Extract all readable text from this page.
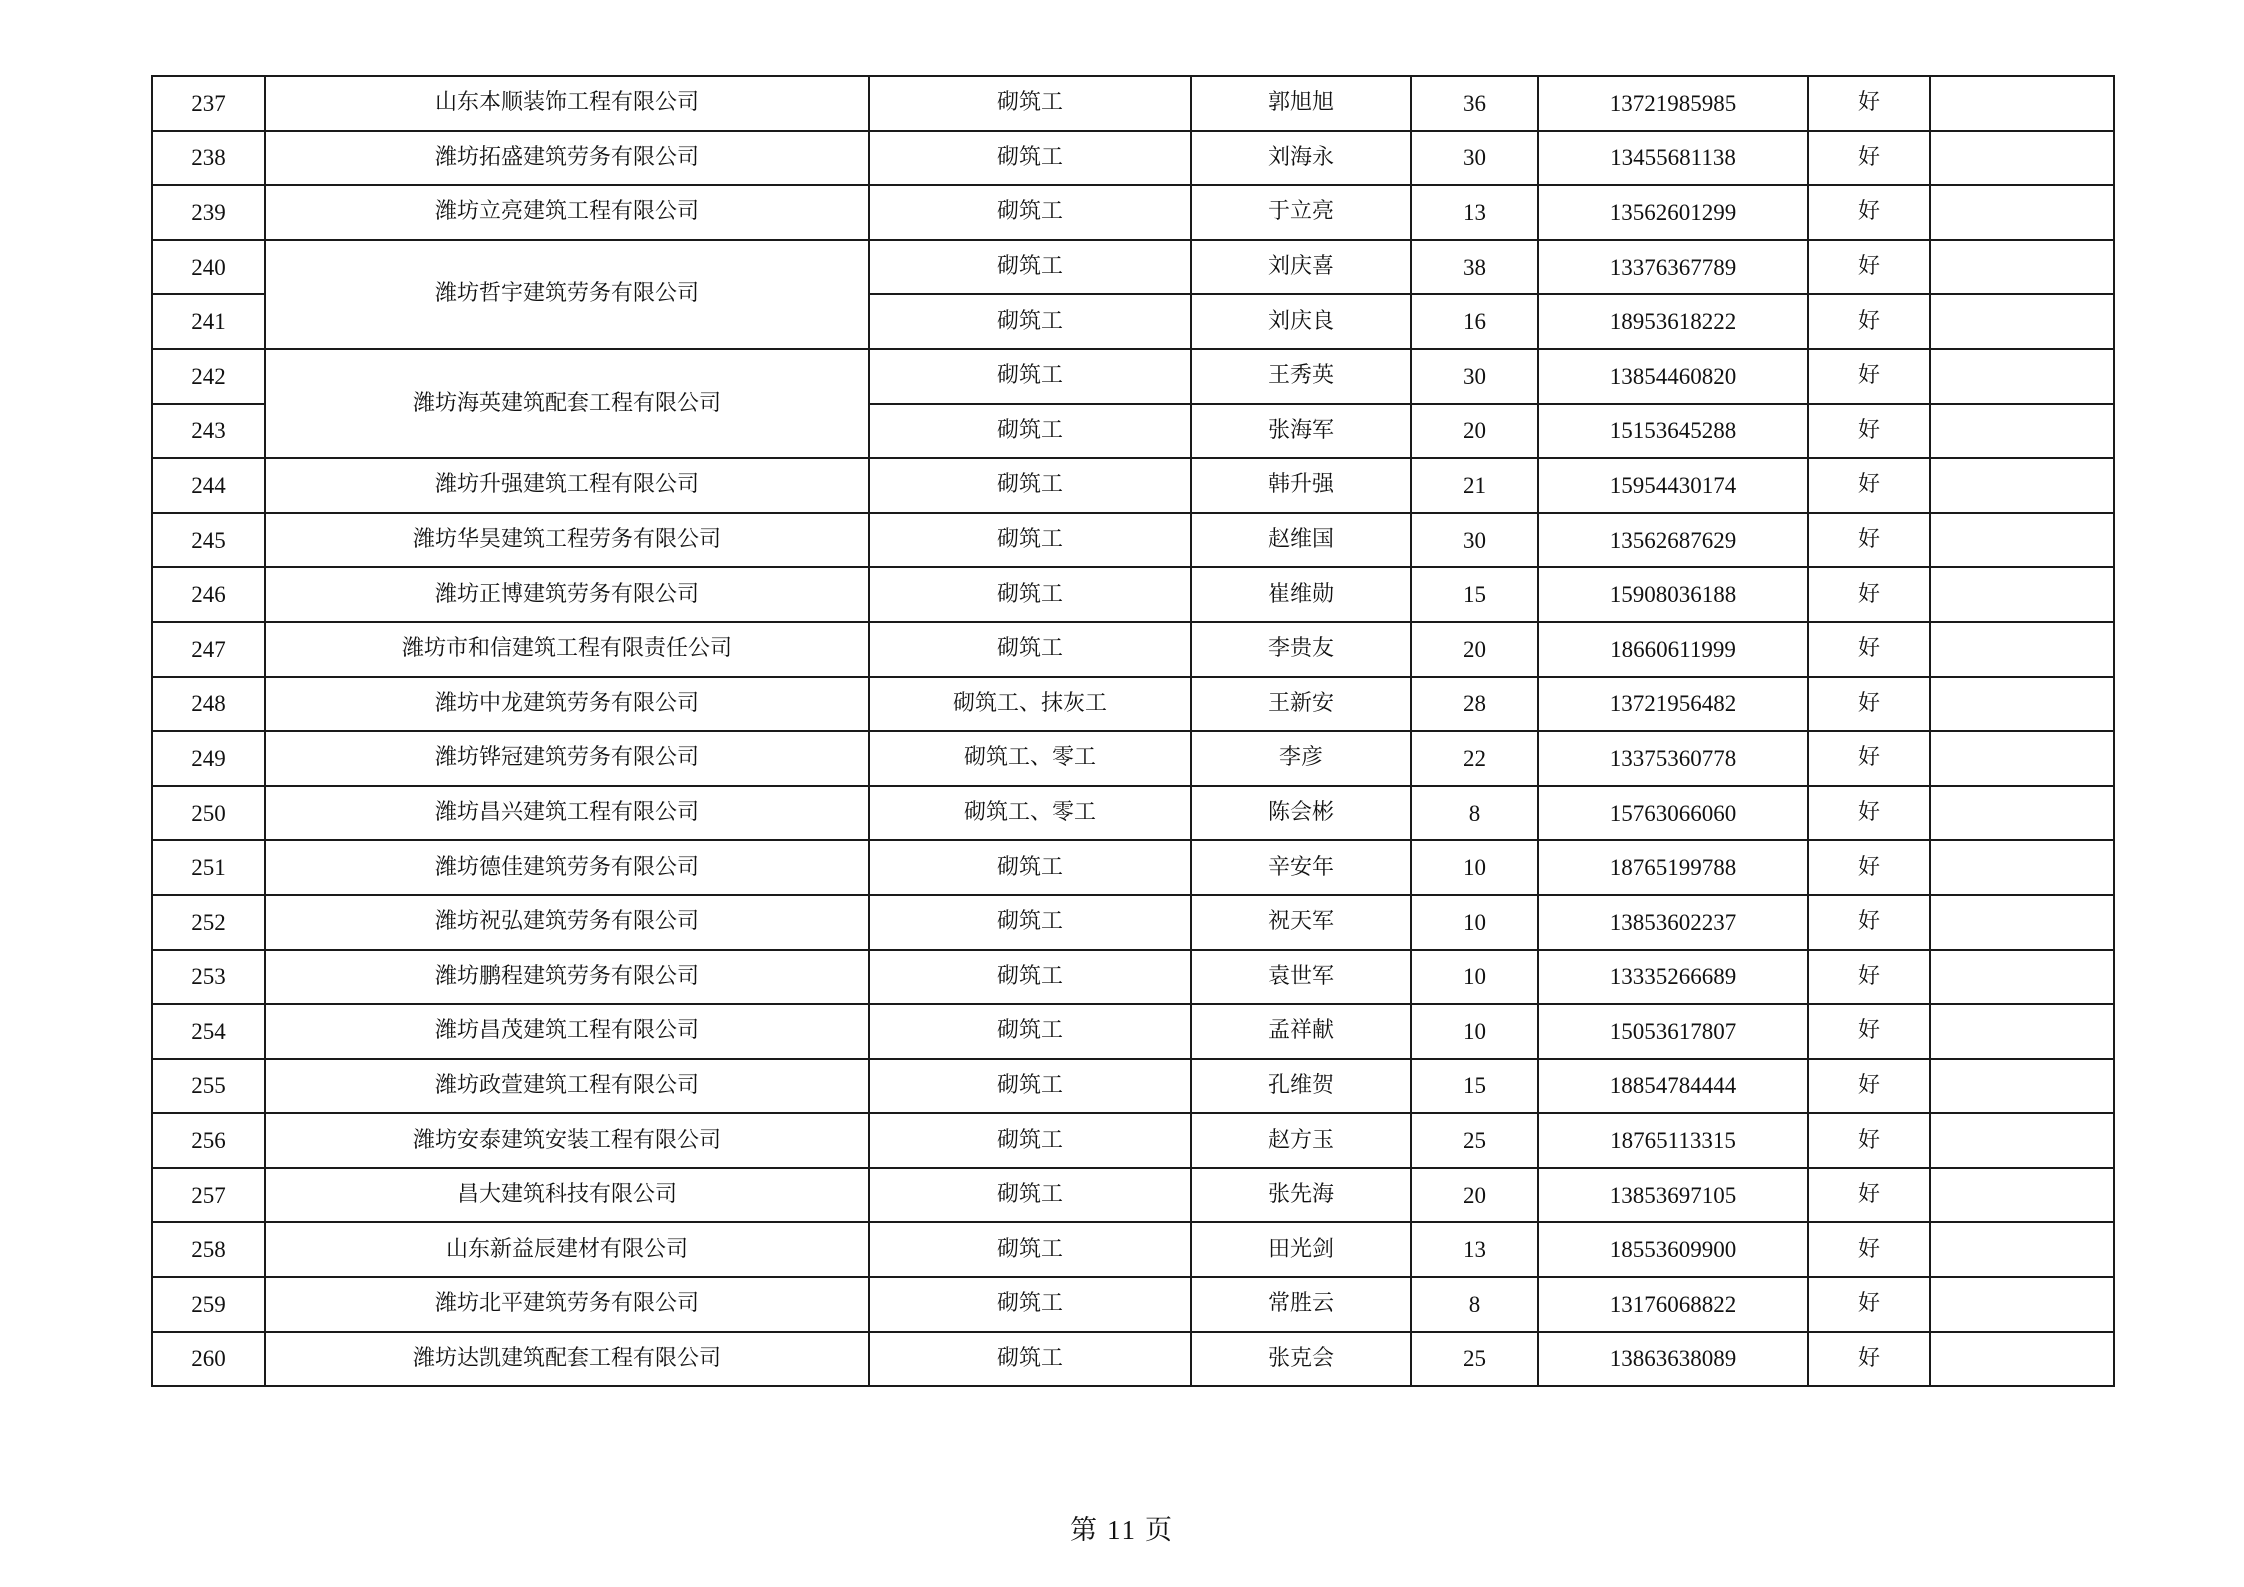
237	山东本顺装饰工程有限公司	砌筑工	郭旭旭	36	13721985985	好	
238	潍坊拓盛建筑劳务有限公司	砌筑工	刘海永	30	13455681138	好	
239	潍坊立亮建筑工程有限公司	砌筑工	于立亮	13	13562601299	好	
240	潍坊哲宇建筑劳务有限公司	砌筑工	刘庆喜	38	13376367789	好	
241		砌筑工	刘庆良	16	18953618222	好	
242	潍坊海英建筑配套工程有限公司	砌筑工	王秀英	30	13854460820	好	
243		砌筑工	张海军	20	15153645288	好	
244	潍坊升强建筑工程有限公司	砌筑工	韩升强	21	15954430174	好	
245	潍坊华昊建筑工程劳务有限公司	砌筑工	赵维国	30	13562687629	好	
246	潍坊正博建筑劳务有限公司	砌筑工	崔维勋	15	15908036188	好	
247	潍坊市和信建筑工程有限责任公司	砌筑工	李贵友	20	18660611999	好	
248	潍坊中龙建筑劳务有限公司	砌筑工、抹灰工	王新安	28	13721956482	好	
249	潍坊铧冠建筑劳务有限公司	砌筑工、零工	李彦	22	13375360778	好	
250	潍坊昌兴建筑工程有限公司	砌筑工、零工	陈会彬	8	15763066060	好	
251	潍坊德佳建筑劳务有限公司	砌筑工	辛安年	10	18765199788	好	
252	潍坊祝弘建筑劳务有限公司	砌筑工	祝天军	10	13853602237	好	
253	潍坊鹏程建筑劳务有限公司	砌筑工	袁世军	10	13335266689	好	
254	潍坊昌茂建筑工程有限公司	砌筑工	孟祥献	10	15053617807	好	
255	潍坊政萱建筑工程有限公司	砌筑工	孔维贺	15	18854784444	好	
256	潍坊安泰建筑安装工程有限公司	砌筑工	赵方玉	25	18765113315	好	
257	昌大建筑科技有限公司	砌筑工	张先海	20	13853697105	好	
258	山东新益辰建材有限公司	砌筑工	田光剑	13	18553609900	好	
259	潍坊北平建筑劳务有限公司	砌筑工	常胜云	8	13176068822	好	
260	潍坊达凯建筑配套工程有限公司	砌筑工	张克会	25	13863638089	好	
第 11 页
